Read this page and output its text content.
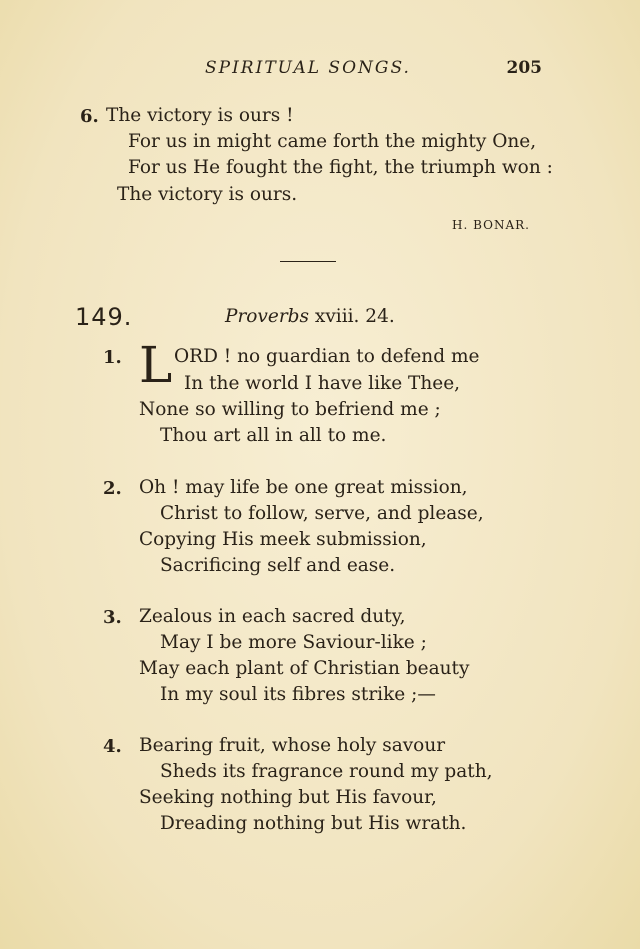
SPIRITUAL SONGS.	205
6. The victory is ours !
For us in might came forth the mighty One,
For us He fought the fight, the triumph won :
The victory is ours.
H. BONAR.
149.	Proverbs xviii. 24.
1. L ORD ! no guardian to defend me
In the world I have like Thee,
None so willing to befriend me ;
Thou art all in all to me.
2. Oh ! may life be one great mission,
Christ to follow, serve, and please,
Copying His meek submission,
Sacrificing self and ease.
3. Zealous in each sacred duty,
May I be more Saviour-like ;
May each plant of Christian beauty
In my soul its fibres strike ;—
4. Bearing fruit, whose holy savour
Sheds its fragrance round my path,
Seeking nothing but His favour,
Dreading nothing but His wrath.
